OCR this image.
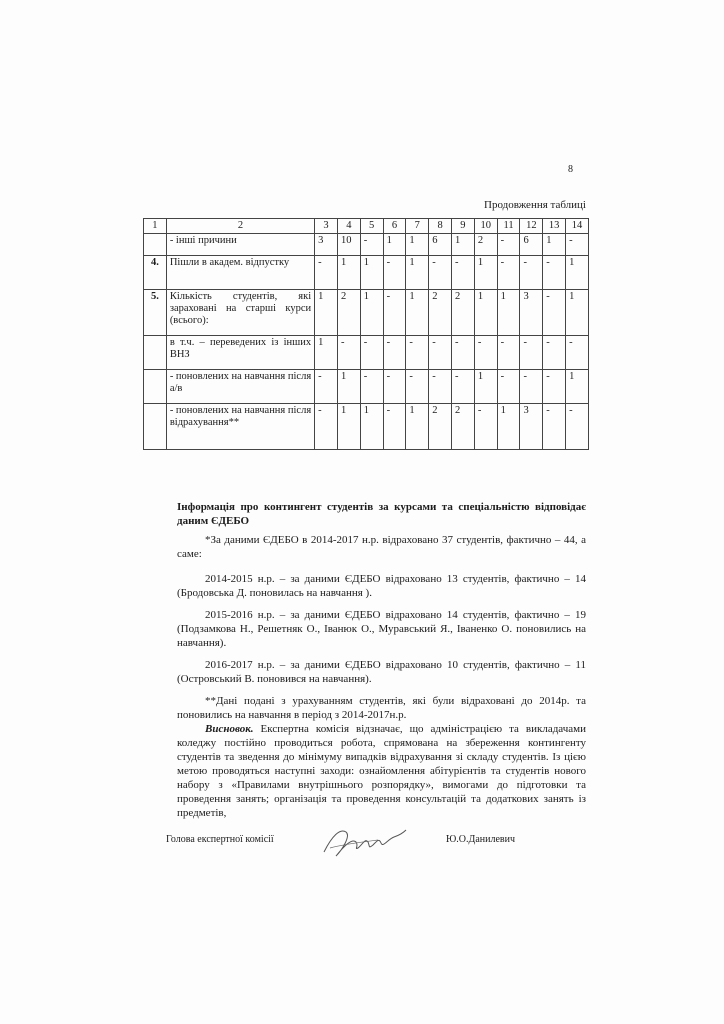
8
Продовження таблиці
1	2	3	4	5	6	7	8	9	10	11	12	13	14
	- інші причини	3	10	-	1	1	6	1	2	-	6	1	-
4.	Пішли в академ. відпустку	-	1	1	-	1	-	-	1	-	-	-	1
5.	Кількість студентів, які зараховані на старші курси (всього):	1	2	1	-	1	2	2	1	1	3	-	1
	в т.ч. – переведених із інших ВНЗ	1	-	-	-	-	-	-	-	-	-	-	-
	- поновлених на навчання після а/в	-	1	-	-	-	-	-	1	-	-	-	1
	- поновлених на навчання після відрахування**	-	1	1	-	1	2	2	-	1	3	-	-
Інформація про контингент студентів за курсами та спеціальністю відповідає даним ЄДЕБО
*За даними ЄДЕБО в 2014-2017 н.р. відраховано 37 студентів, фактично – 44, а саме:
2014-2015 н.р. – за даними ЄДЕБО відраховано 13 студентів, фактично – 14 (Бродовська Д. поновилась на навчання ).
2015-2016 н.р. – за даними ЄДЕБО відраховано 14 студентів, фактично – 19 (Подзамкова Н., Решетняк О., Іванюк О., Муравський Я., Іваненко О. поновились на навчання).
2016-2017 н.р. – за даними ЄДЕБО відраховано 10 студентів, фактично – 11 (Островський В. поновився на навчання).
**Дані подані з урахуванням студентів, які були відраховані до 2014р. та поновились на навчання в період з 2014-2017н.р.
Висновок. Експертна комісія відзначає, що адміністрацією та викладачами коледжу постійно проводиться робота, спрямована на збереження контингенту студентів та зведення до мінімуму випадків відрахування зі складу студентів. Із цією метою проводяться наступні заходи: ознайомлення абітурієнтів та студентів нового набору з «Правилами внутрішнього розпорядку», вимогами до підготовки та проведення занять; організація та проведення консультацій та додаткових занять із предметів,
Голова експертної комісії	Ю.О.Данилевич
